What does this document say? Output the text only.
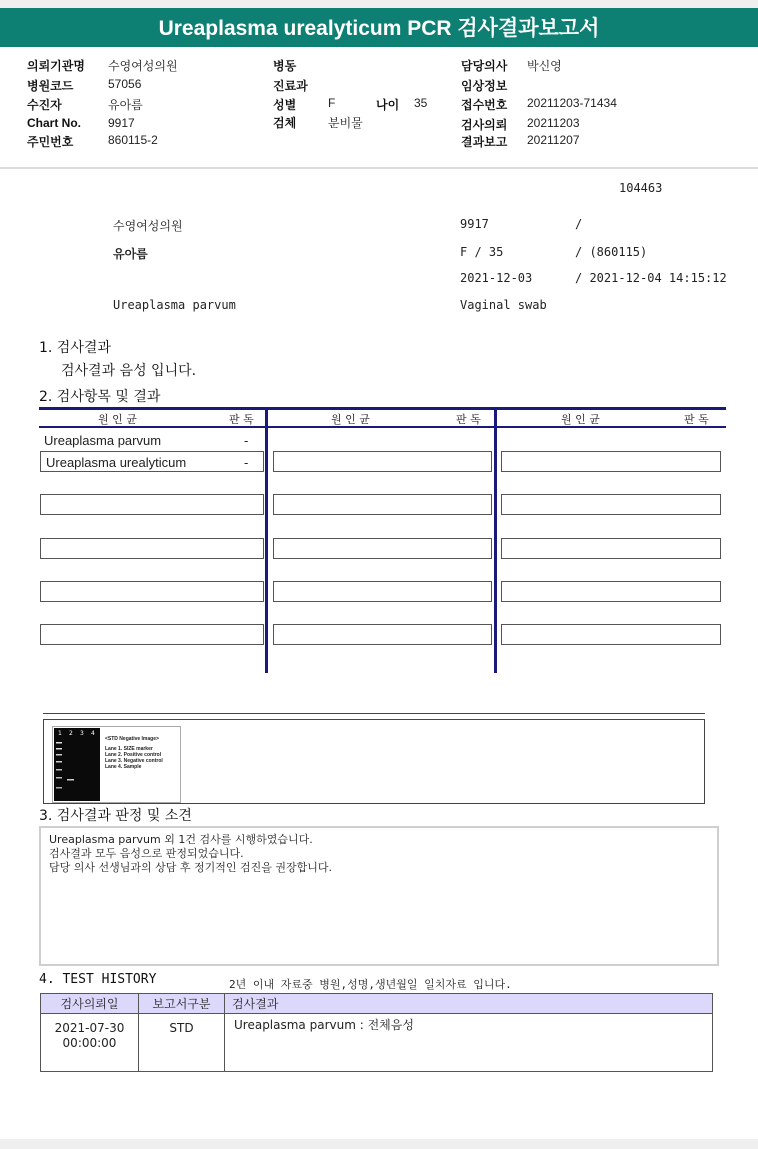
Ureaplasma urealyticum PCR 검사결과보고서
의뢰기관명 수영여성의원
병원코드	57056
수진자	유아름
Chart No. 9917
주민번호	860115-2
병동
진료과
성별	F	나이 35
검체	분비물
담당의사 박신영
임상정보
접수번호 20211203-71434
검사의뢰 20211203
결과보고 20211207
104463
수영여성의원	9917	/
유아름	F / 35	/ (860115)
2021-12-03	/ 2021-12-04 14:15:12
Ureaplasma parvum	Vaginal swab
1. 검사결과
검사결과 음성 입니다.
2. 검사항목 및 결과
원 인 균	판 독	원 인 균	판 독	원 인 균	판 독
Ureaplasma parvum	-
Ureaplasma urealyticum	-
1 2 3 4
<STD Negative Image>
Lane 1. SIZE marker
Lane 2. Positive control
Lane 3. Negative control
Lane 4. Sample
3. 검사결과 판정 및 소견
Ureaplasma parvum 외 1건 검사를 시행하였습니다.
검사결과 모두 음성으로 판정되었습니다.
담당 의사 선생님과의 상담 후 정기적인 검진을 권장합니다.
4. TEST HISTORY	2년 이내 자료중 병원,성명,생년월일 일치자료 입니다.
검사의뢰일	보고서구분	검사결과

2021-07-30
00:00:00	STD	Ureaplasma parvum : 전체음성
